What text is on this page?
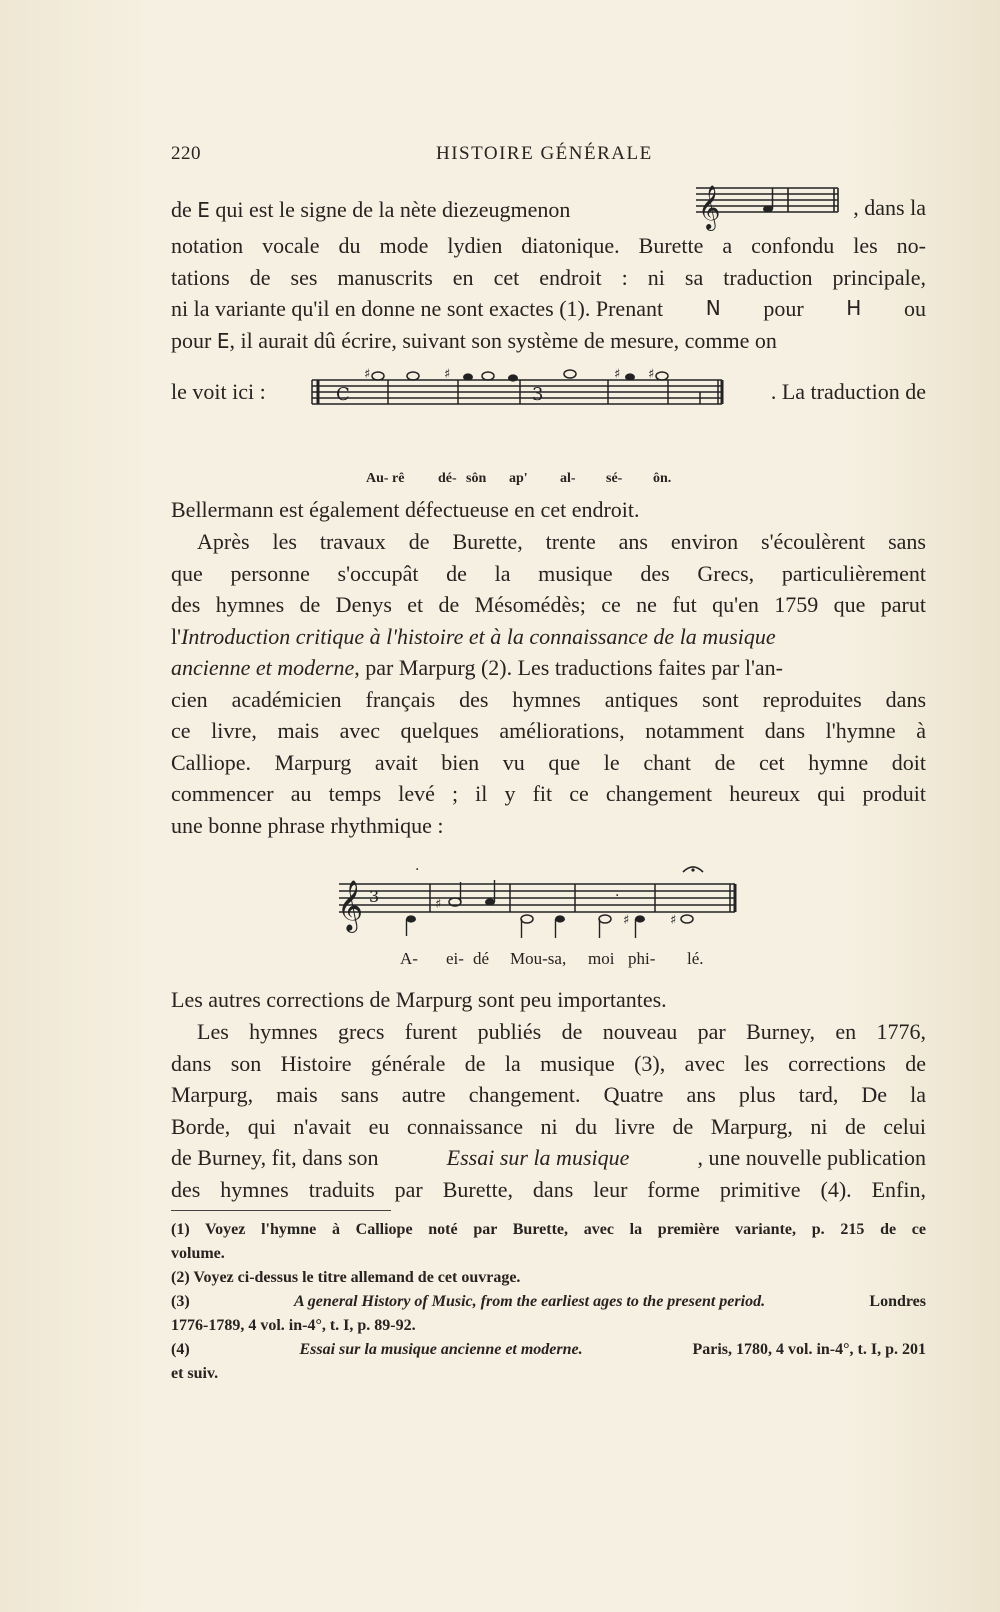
220	HISTOIRE GÉNÉRALE
de E qui est le signe de la nète diezeugmenon	𝄞	, dans la
notation vocale du mode lydien diatonique. Burette a confondu les no-
tations de ses manuscrits en cet endroit : ni sa traduction principale,
ni la variante qu'il en donne ne sont exactes (1). Prenant N pour H ou
pour E, il aurait dû écrire, suivant son système de mesure, comme on
le voit ici :	C
♯	♯
3
♯ ♯
. La traduction de
Au- rê dé- sôn ap' al- sé- ôn.
Bellermann est également défectueuse en cet endroit.
Après les travaux de Burette, trente ans environ s'écoulèrent sans
que personne s'occupât de la musique des Grecs, particulièrement
des hymnes de Denys et de Mésomédès; ce ne fut qu'en 1759 que parut
l'Introduction critique à l'histoire et à la connaissance de la musique
ancienne et moderne, par Marpurg (2). Les traductions faites par l'an-
cien académicien français des hymnes antiques sont reproduites dans
ce livre, mais avec quelques améliorations, notamment dans l'hymne à
Calliope. Marpurg avait bien vu que le chant de cet hymne doit
commencer au temps levé ; il y fit ce changement heureux qui produit
une bonne phrase rhythmique :
𝄞 3
·
♯
·
♯	♯
A- ei- dé Mou-sa, moi phi- lé.
Les autres corrections de Marpurg sont peu importantes.
Les hymnes grecs furent publiés de nouveau par Burney, en 1776,
dans son Histoire générale de la musique (3), avec les corrections de
Marpurg, mais sans autre changement. Quatre ans plus tard, De la
Borde, qui n'avait eu connaissance ni du livre de Marpurg, ni de celui
de Burney, fit, dans son	Essai sur la musique	, une nouvelle publication
des hymnes traduits par Burette, dans leur forme primitive (4). Enfin,
(1) Voyez l'hymne à Calliope noté par Burette, avec la première variante, p. 215 de ce
volume.
(2) Voyez ci-dessus le titre allemand de cet ouvrage.
(3)	A general History of Music, from the earliest ages to the present period.	Londres
1776-1789, 4 vol. in-4°, t. I, p. 89-92.
(4)	Essai sur la musique ancienne et moderne.	Paris, 1780, 4 vol. in-4°, t. I, p. 201
et suiv.
